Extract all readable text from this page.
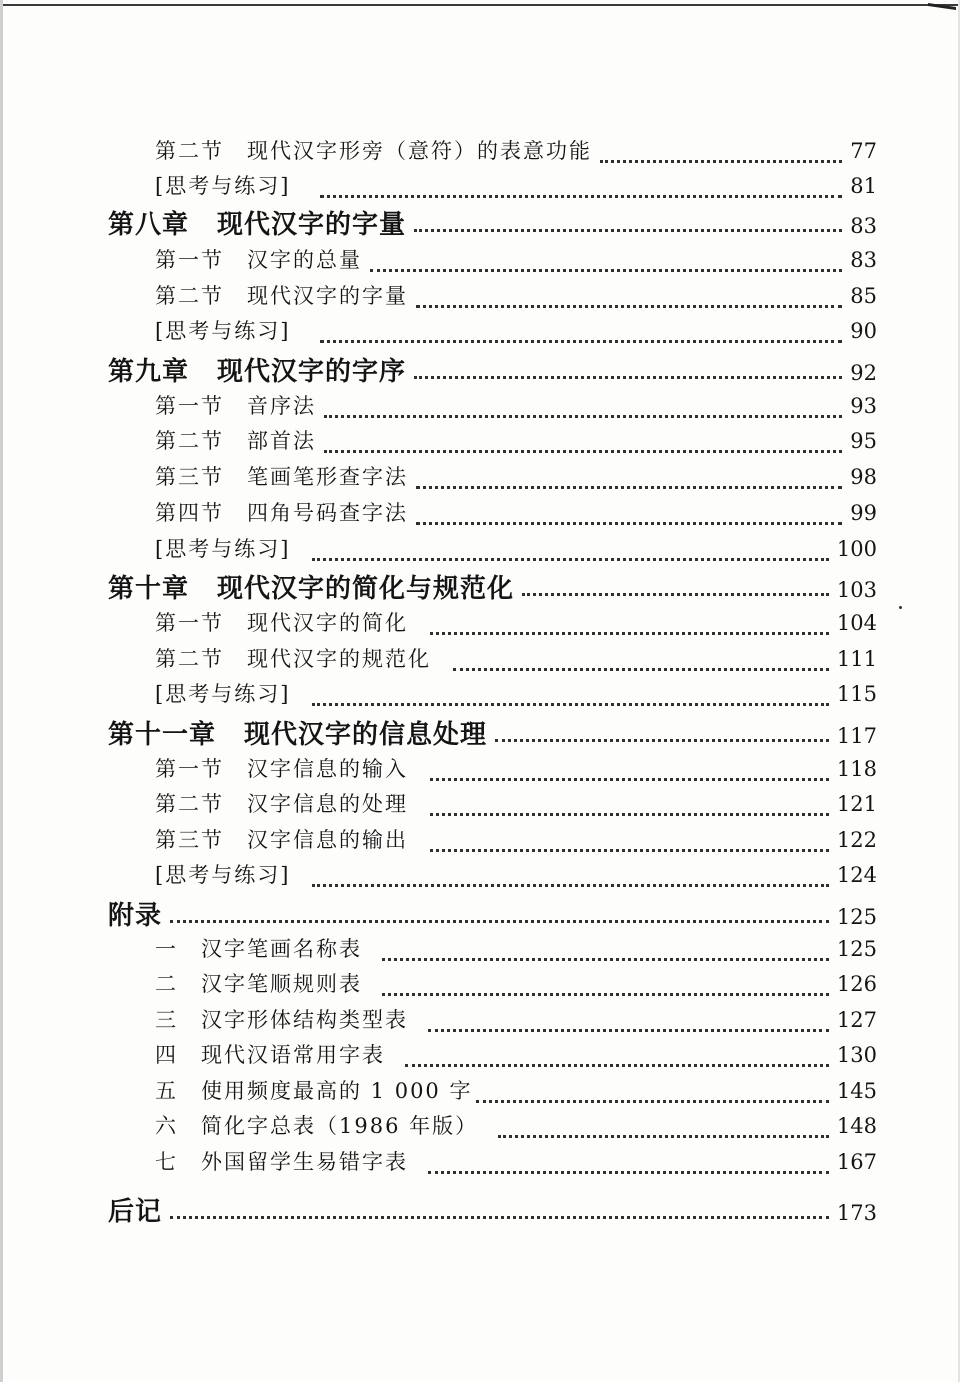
第二节	现代汉字形旁（意符）的表意功能	77
[思考与练习]	81
第八章 现代汉字的字量	83
第一节	汉字的总量	83
第二节	现代汉字的字量	85
[思考与练习]	90
第九章 现代汉字的字序	92
第一节	音序法	93
第二节	部首法	95
第三节	笔画笔形查字法	98
第四节	四角号码查字法	99
[思考与练习]	100
第十章 现代汉字的简化与规范化	103
第一节	现代汉字的简化	104
第二节	现代汉字的规范化	111
[思考与练习]	115
第十一章 现代汉字的信息处理	117
第一节	汉字信息的输入	118
第二节	汉字信息的处理	121
第三节	汉字信息的输出	122
[思考与练习]	124
附录	125
一	汉字笔画名称表	125
二	汉字笔顺规则表	126
三	汉字形体结构类型表	127
四	现代汉语常用字表	130
五	使用频度最高的 1 000 字	145
六	简化字总表（1986 年版）	148
七	外国留学生易错字表	167
后记	173
